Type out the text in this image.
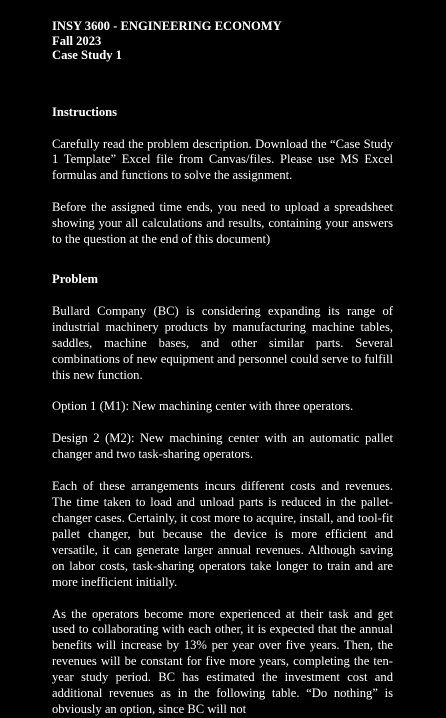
INSY 3600 - ENGINEERING ECONOMY
Fall 2023
Case Study 1
Instructions

Carefully read the problem description. Download the “Case Study 1 Template” Excel file from Canvas/files. Please use MS Excel formulas and functions to solve the assignment.

Before the assigned time ends, you need to upload a spreadsheet showing your all calculations and results, containing your answers to the question at the end of this document)

Problem

Bullard Company (BC) is considering expanding its range of industrial machinery products by manufacturing machine tables, saddles, machine bases, and other similar parts. Several combinations of new equipment and personnel could serve to fulfill this new function.

Option 1 (M1): New machining center with three operators.

Design 2 (M2): New machining center with an automatic pallet changer and two task-sharing operators.

Each of these arrangements incurs different costs and revenues. The time taken to load and unload parts is reduced in the pallet-changer cases. Certainly, it cost more to acquire, install, and tool-fit pallet changer, but because the device is more efficient and versatile, it can generate larger annual revenues. Although saving on labor costs, task-sharing operators take longer to train and are more inefficient initially.

As the operators become more experienced at their task and get used to collaborating with each other, it is expected that the annual benefits will increase by 13% per year over five years. Then, the revenues will be constant for five more years, completing the ten-year study period. BC has estimated the investment cost and additional revenues as in the following table. “Do nothing” is obviously an option, since BC will not
